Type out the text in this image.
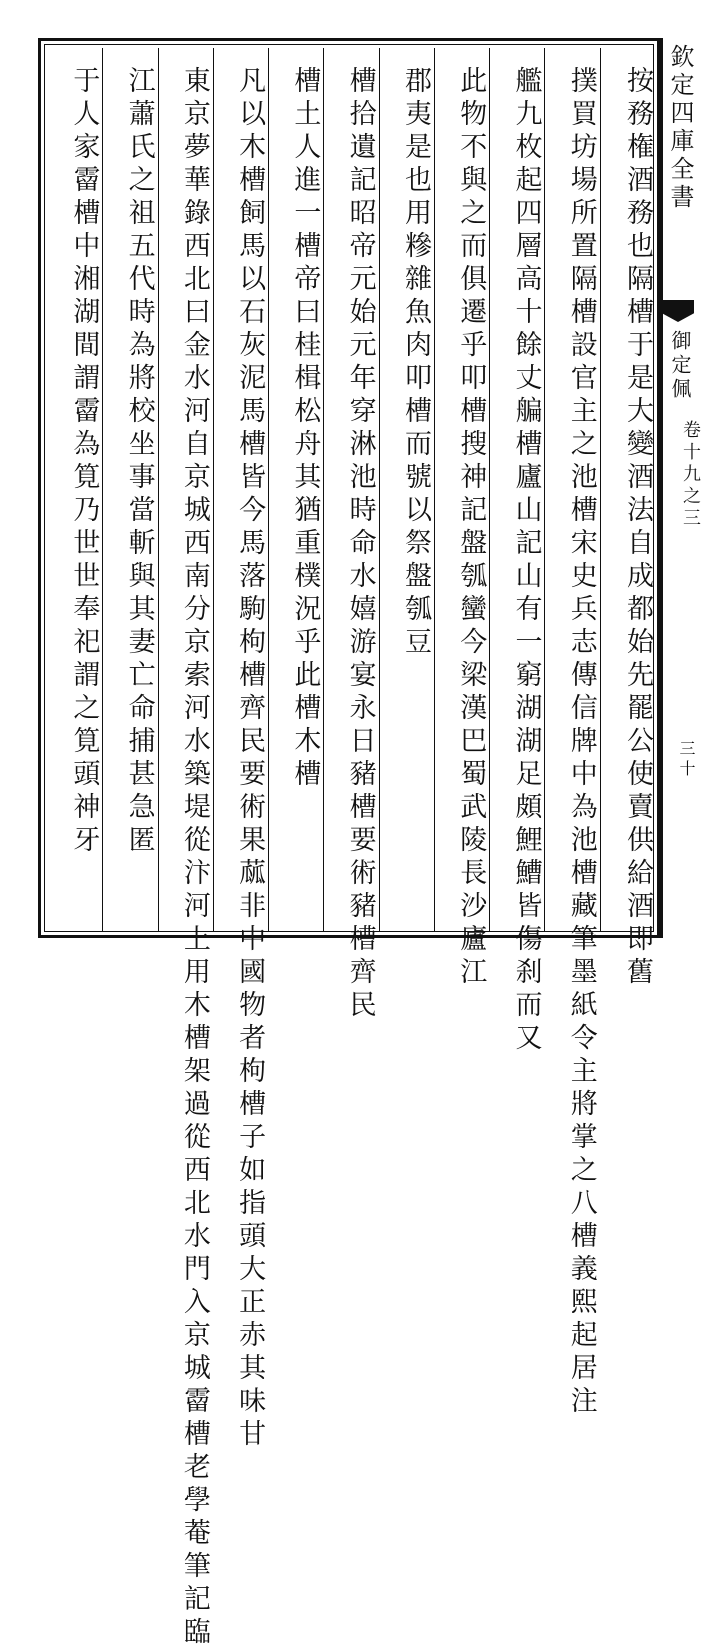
欽定四庫全書
御定佩
卷十九之三
三十
按務権酒務也隔槽于是大變酒法自成都始先罷公使賣供給酒即舊
撲買坊場所置隔槽設官主之池槽宋史兵志傳信牌中為池槽藏筆墨紙令主將掌之八槽義熙起居注
艦九枚起四層高十餘丈艑槽廬山記山有一窮湖湖足頗鯉鰽皆傷刹而又
此物不與之而俱遷乎叩槽搜神記盤瓠蠻今梁漢巴蜀武陵長沙廬江
郡夷是也用糝雜魚肉叩槽而號以祭盤瓠豆
槽拾遺記昭帝元始元年穿淋池時命水嬉游宴永日豬槽要術豬槽齊民
槽土人進一槽帝曰桂楫松舟其猶重樸況乎此槽木槽
凡以木槽飼馬以石灰泥馬槽皆今馬落駒枸槽齊民要術果蓏非中國物者枸槽子如指頭大正赤其味甘
東京夢華錄西北曰金水河自京城西南分京索河水築堤從汴河上用木槽架過從西北水門入京城霤槽老學菴筆記臨
江蕭氏之祖五代時為將校坐事當斬與其妻亡命捕甚急匿
于人家霤槽中湘湖間謂霤為筧乃世世奉祀謂之筧頭神牙
